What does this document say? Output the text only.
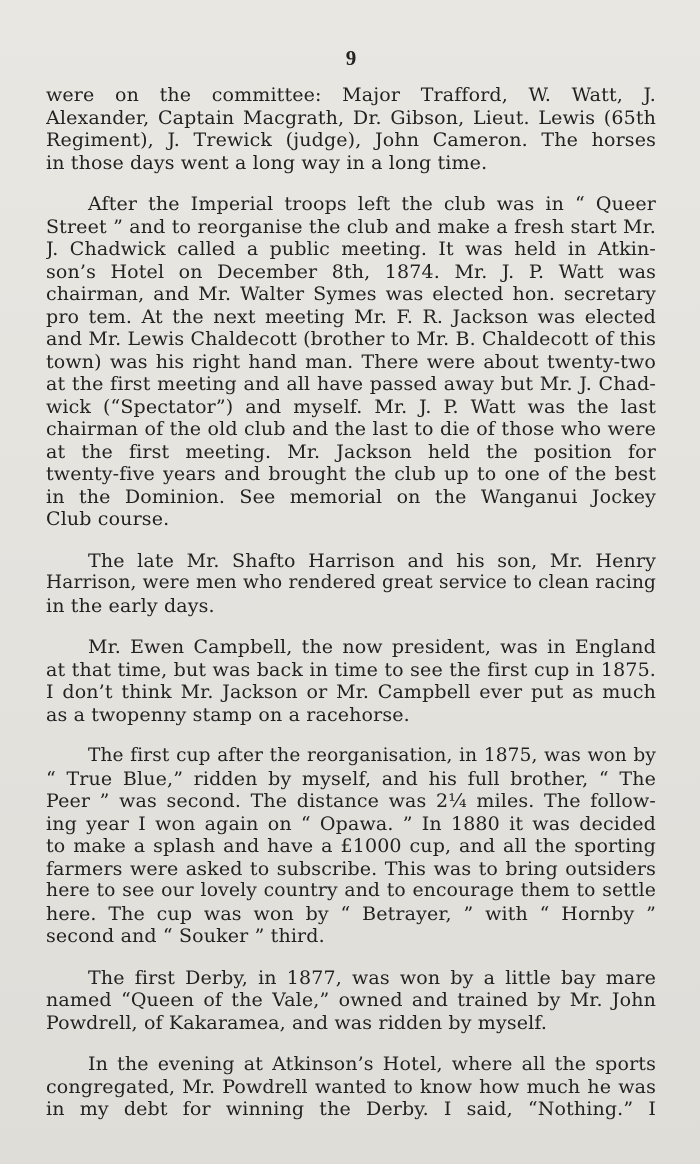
9

were on the committee: Major Trafford, W. Watt, J.
Alexander, Captain Macgrath, Dr. Gibson, Lieut. Lewis (65th
Regiment), J. Trewick (judge), John Cameron. The horses
in those days went a long way in a long time.

After the Imperial troops left the club was in “ Queer
Street ” and to reorganise the club and make a fresh start Mr.
J. Chadwick called a public meeting. It was held in Atkin-
son’s Hotel on December 8th, 1874. Mr. J. P. Watt was
chairman, and Mr. Walter Symes was elected hon. secretary
pro tem. At the next meeting Mr. F. R. Jackson was elected
and Mr. Lewis Chaldecott (brother to Mr. B. Chaldecott of this
town) was his right hand man. There were about twenty-two
at the first meeting and all have passed away but Mr. J. Chad-
wick (“Spectator”) and myself. Mr. J. P. Watt was the last
chairman of the old club and the last to die of those who were
at the first meeting. Mr. Jackson held the position for
twenty-five years and brought the club up to one of the best
in the Dominion. See memorial on the Wanganui Jockey
Club course.

The late Mr. Shafto Harrison and his son, Mr. Henry
Harrison, were men who rendered great service to clean racing
in the early days.

Mr. Ewen Campbell, the now president, was in England
at that time, but was back in time to see the first cup in 1875.
I don’t think Mr. Jackson or Mr. Campbell ever put as much
as a twopenny stamp on a racehorse.

The first cup after the reorganisation, in 1875, was won by
“ True Blue,” ridden by myself, and his full brother, “ The
Peer ” was second. The distance was 2¼ miles. The follow-
ing year I won again on “ Opawa. ” In 1880 it was decided
to make a splash and have a £1000 cup, and all the sporting
farmers were asked to subscribe. This was to bring outsiders
here to see our lovely country and to encourage them to settle
here. The cup was won by “ Betrayer, ” with “ Hornby ”
second and “ Souker ” third.

The first Derby, in 1877, was won by a little bay mare
named “Queen of the Vale,” owned and trained by Mr. John
Powdrell, of Kakaramea, and was ridden by myself.

In the evening at Atkinson’s Hotel, where all the sports
congregated, Mr. Powdrell wanted to know how much he was
in my debt for winning the Derby. I said, “Nothing.” I
